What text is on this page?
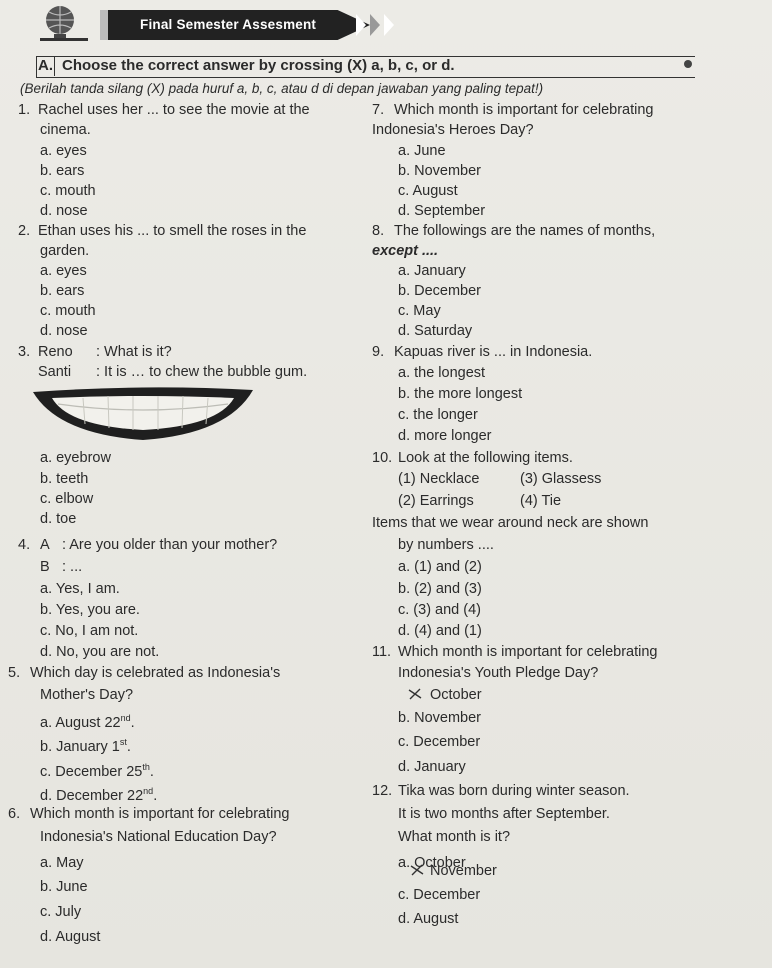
Final Semester Assesment
A. Choose the correct answer by crossing (X) a, b, c, or d.
(Berilah tanda silang (X) pada huruf a, b, c, atau d di depan jawaban yang paling tepat!)
1. Rachel uses her ... to see the movie at the
cinema.
a. eyes
b. ears
c. mouth
d. nose
2. Ethan uses his ... to smell the roses in the
garden.
a. eyes
b. ears
c. mouth
d. nose
3. Reno : What is it?
Santi : It is … to chew the bubble gum.
a. eyebrow
b. teeth
c. elbow
d. toe
4. A : Are you older than your mother?
B : ...
a. Yes, I am.
b. Yes, you are.
c. No, I am not.
d. No, you are not.
5. Which day is celebrated as Indonesia's
Mother's Day?
a. August 22nd.
b. January 1st.
c. December 25th.
d. December 22nd.
6. Which month is important for celebrating
Indonesia's National Education Day?
a. May
b. June
c. July
d. August
7. Which month is important for celebrating
Indonesia's Heroes Day?
a. June
b. November
c. August
d. September
8. The followings are the names of months,
except ....
a. January
b. December
c. May
d. Saturday
9. Kapuas river is ... in Indonesia.
a. the longest
b. the more longest
c. the longer
d. more longer
10. Look at the following items.
(1) Necklace	(3) Glassess
(2) Earrings	(4) Tie
Items that we wear around neck are shown
by numbers ....
a. (1) and (2)
b. (2) and (3)
c. (3) and (4)
d. (4) and (1)
11. Which month is important for celebrating
Indonesia's Youth Pledge Day?
October
b. November
c. December
d. January
12. Tika was born during winter season.
It is two months after September.
What month is it?
a. October
November
c. December
d. August
